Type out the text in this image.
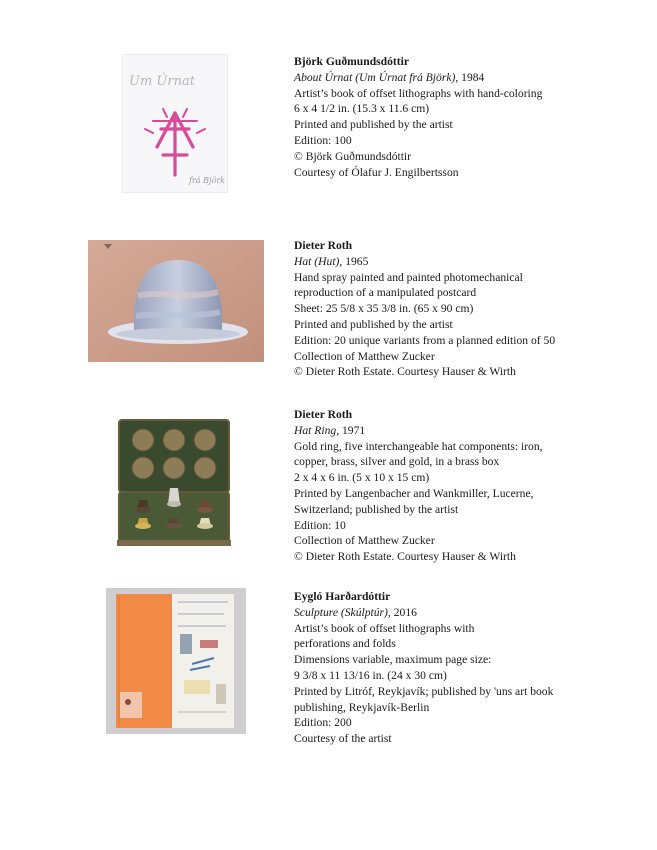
Um Úrnat
frá Björk
Björk Guðmundsdóttir
About Úrnat (Um Úrnat frá Björk), 1984
Artist’s book of offset lithographs with hand-coloring
6 x 4 1/2 in. (15.3 x 11.6 cm)
Printed and published by the artist
Edition: 100
© Björk Guðmundsdóttir
Courtesy of Ólafur J. Engilbertsson
Dieter Roth
Hat (Hut), 1965
Hand spray painted and painted photomechanical
reproduction of a manipulated postcard
Sheet: 25 5/8 x 35 3/8 in. (65 x 90 cm)
Printed and published by the artist
Edition: 20 unique variants from a planned edition of 50
Collection of Matthew Zucker
© Dieter Roth Estate. Courtesy Hauser & Wirth
Dieter Roth
Hat Ring, 1971
Gold ring, five interchangeable hat components: iron,
copper, brass, silver and gold, in a brass box
2 x 4 x 6 in. (5 x 10 x 15 cm)
Printed by Langenbacher and Wankmiller, Lucerne,
Switzerland; published by the artist
Edition: 10
Collection of Matthew Zucker
© Dieter Roth Estate. Courtesy Hauser & Wirth
Eygló Harðardóttir
Sculpture (Skúlptúr), 2016
Artist’s book of offset lithographs with
perforations and folds
Dimensions variable, maximum page size:
9 3/8 x 11 13/16 in. (24 x 30 cm)
Printed by Litróf, Reykjavík; published by 'uns art book
publishing, Reykjavík-Berlin
Edition: 200
Courtesy of the artist
